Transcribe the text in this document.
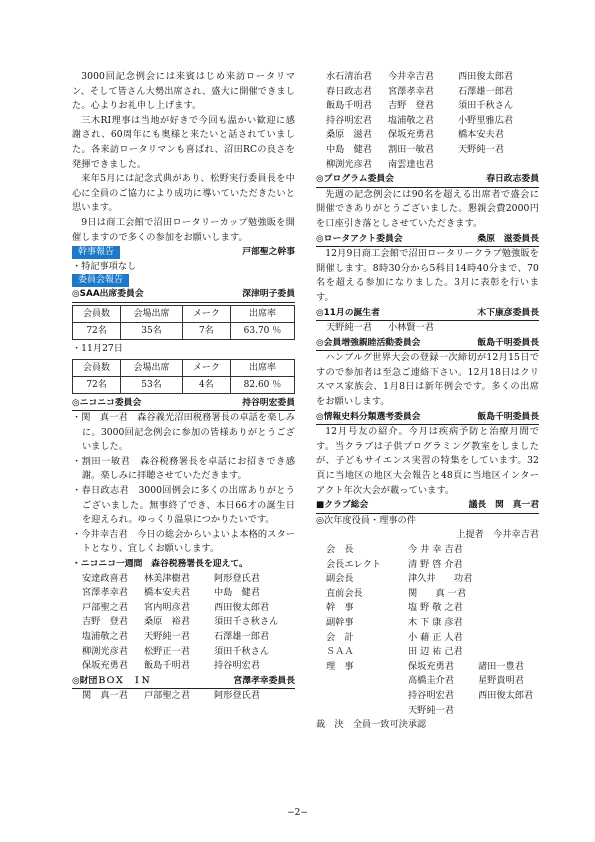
3000回記念例会には来賓はじめ来訪ロータリマン、そして皆さん大勢出席され、盛大に開催できました。心よりお礼申し上げます。

三木RI理事は当地が好きで今回も温かい歓迎に感謝され、60周年にも奥様と来たいと話されていました。各来訪ロータリマンも喜ばれ、沼田RCの良さを発揮できました。

来年5月には記念式典があり、松野実行委員長を中心に全員のご協力により成功に導いていただきたいと思います。

9日は商工会館で沼田ロータリーカップ勉強販を開催しますので多くの参加をお願いします。

幹事報告	戸部聖之幹事

・特記事項なし

委員会報告
◎SAA出席委員会	深津明子委員
会員数	会場出席	メーク	出席率
72名	35名	7名	63.70 ％

・11月27日

会員数	会場出席	メーク	出席率
72名	53名	4名	82.60 ％
◎ニコニコ委員会	持谷明宏委員

・関　真一君　森谷義光沼田税務署長の卓話を楽しみに。3000回記念例会に参加の皆様ありがとうございました。

・割田一敏君　森谷税務署長を卓話にお招きでき感謝。楽しみに拝聴させていただきます。

・春日政志君　3000回例会に多くの出席ありがとうございました。無事終了でき、本日66才の誕生日を迎えられ。ゆっくり温泉につかりたいです。

・今井幸吉君　今日の総会からいよいよ本格的スタートとなり、宜しくお願いします。

・ニコニコ一週間　森谷税務署長を迎えて。

安達政喜君	林美津樹君	阿形登氏君
宮澤孝幸君	橋本安夫君	中島　健君
戸部聖之君	宮内明彦君	西田俊太郎君
吉野　登君	桑原　裕君	須田千さ秋さん
塩浦敬之君	天野純一君	石澤雄一郎君
柳渕光彦君	松野正一君	須田千秋さん
保坂充勇君	飯島千明君	持谷明宏君
◎財団ＢＯＸ　ＩＮ	宮澤孝幸委員長
関　真一君	戸部聖之君	阿形登氏君
水石清治君	今井幸吉君	西田俊太郎君
春日政志君	宮澤孝幸君	石澤雄一郎君
飯島千明君	吉野　登君	須田千秋さん
持谷明宏君	塩浦敬之君	小野里雅広君
桑原　滋君	保坂充勇君	橋本安夫君
中島　健君	割田一敏君	天野純一君
柳渕光彦君	南雲達也君
◎プログラム委員会	春日政志委員

先週の記念例会には90名を超える出席者で盛会に開催できありがとうございました。懇親会費2000円を口座引き落としさせていただきます。

◎ロータアクト委員会	桑原　滋委員長

12月9日商工会館で沼田ロータリークラブ勉強販を開催します。8時30分から5科目14時40分まで、70名を超える参加になりました。3月に表彰を行います。

◎11月の誕生者	木下康彦委員長
天野純一君	小林賢一君
◎会員増強親睦活動委員会	飯島千明委員長

ハンブルグ世界大会の登録一次締切が12月15日ですので参加者は至急ご連絡下さい。12月18日はクリスマス家族会、1月8日は新年例会です。多くの出席をお願いします。

◎情報史料分類選考委員会	飯島千明委員長

12月号友の紹介。今月は疾病予防と治療月間です。当クラブは子供プログラミング教室をしましたが、子どもサイエンス実習の特集をしています。32頁に当地区の地区大会報告と48頁に当地区インターアクト年次大会が載っています。

■クラブ総会	議長　関　真一君

◎次年度役員・理事の件

上提者　今井幸吉君

会　長	今 井 幸 吉君
会長エレクト	清 野 啓 介君
副会長	津久井　　功君
直前会長	関　　真 一君
幹　事	塩 野 敬 之君
副幹事	木 下 康 彦君
会　計	小 藉 正 人君
ＳＡＡ	田 辺 祐 己君
理　事	保坂充勇君	諸田一豊君
高橋圭介君	星野貴明君
持谷明宏君	西田俊太郎君
天野純一君

裁　決　全員一致可決承認

−2−
